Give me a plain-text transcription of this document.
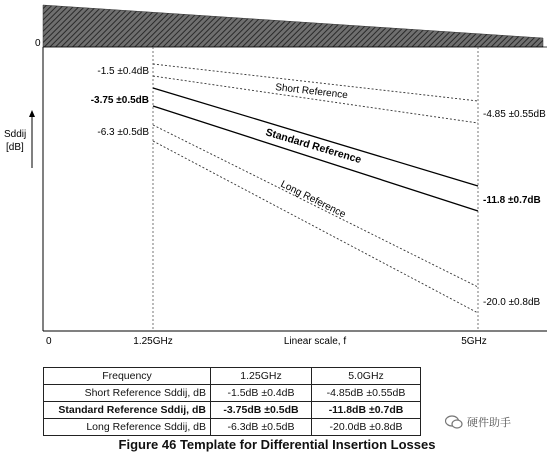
0
Sddij
[dB]
Short Reference
Standard Reference
Long Reference
-1.5 ±0.4dB
-3.75 ±0.5dB
-6.3 ±0.5dB
-4.85 ±0.55dB
-11.8 ±0.7dB
-20.0 ±0.8dB
0	1.25GHz	Linear scale, f	5GHz
Frequency	1.25GHz	5.0GHz
Short Reference Sddij, dB	-1.5dB ±0.4dB	-4.85dB ±0.55dB
Standard Reference Sddij, dB	-3.75dB ±0.5dB	-11.8dB ±0.7dB
Long Reference Sddij, dB	-6.3dB ±0.5dB	-20.0dB ±0.8dB	硬件助手
Figure 46 Template for Differential Insertion Losses
